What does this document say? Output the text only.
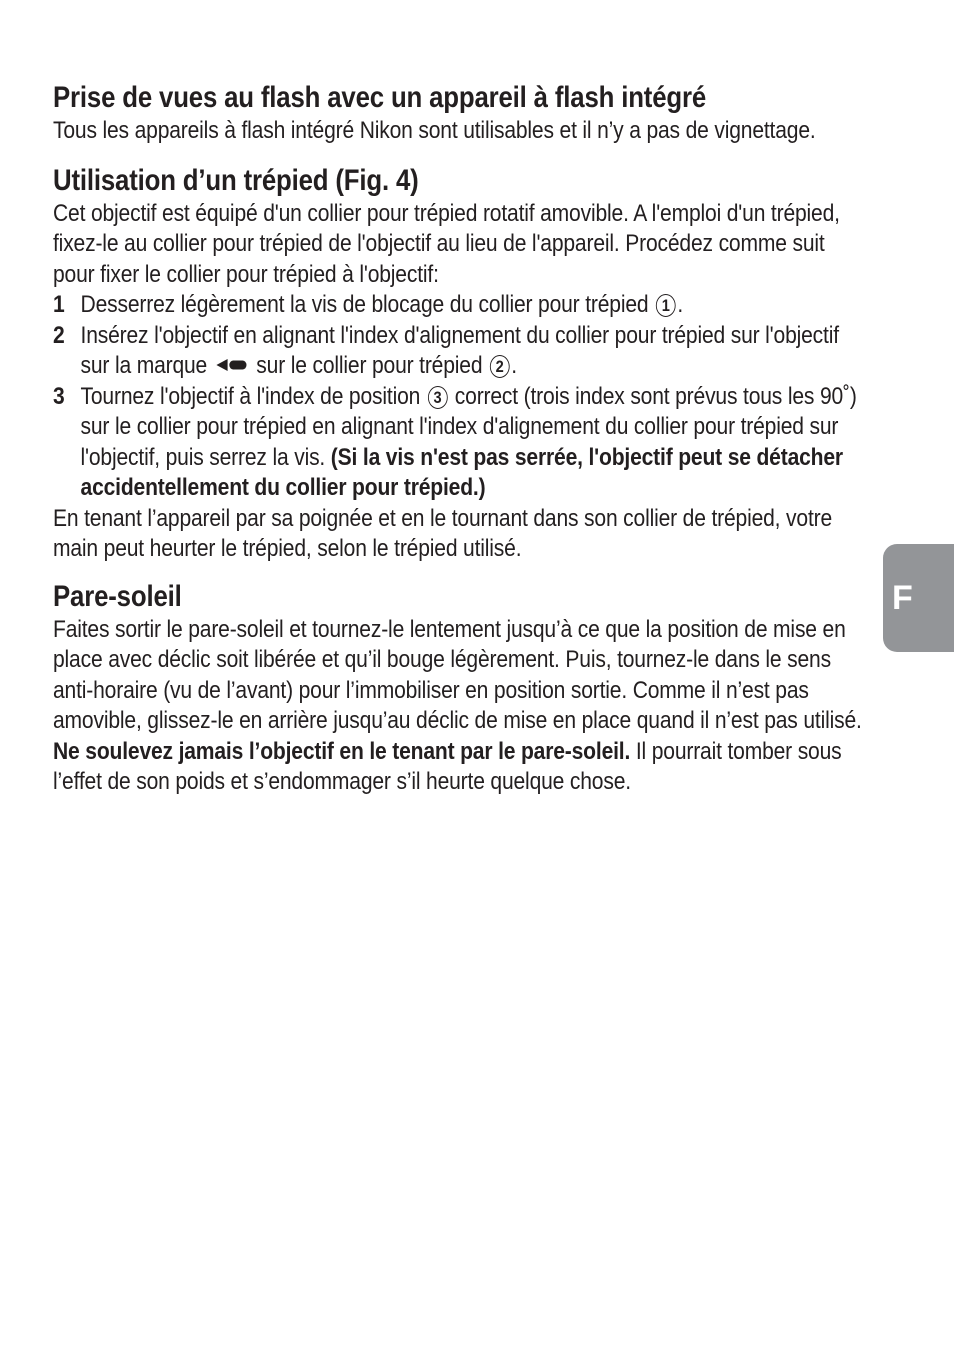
Prise de vues au flash avec un appareil à flash intégré

Tous les appareils à flash intégré Nikon sont utilisables et il n’y a pas de vignettage.

Utilisation d’un trépied (Fig. 4)

Cet objectif est équipé d'un collier pour trépied rotatif amovible. A l'emploi d'un trépied, fixez-le au collier pour trépied de l'objectif au lieu de l'appareil. Procédez comme suit pour fixer le collier pour trépied à l'objectif:

1 Desserrez légèrement la vis de blocage du collier pour trépied 1 .
2 Insérez l'objectif en alignant l'index d'alignement du collier pour trépied sur l'objectif sur la marque sur le collier pour trépied 2 .
3 Tournez l'objectif à l'index de position 3 correct (trois index sont prévus tous les 90˚) sur le collier pour trépied en alignant l'index d'alignement du collier pour trépied sur l'objectif, puis serrez la vis. (Si la vis n'est pas serrée, l'objectif peut se détacher accidentellement du collier pour trépied.)

En tenant l’appareil par sa poignée et en le tournant dans son collier de trépied, votre main peut heurter le trépied, selon le trépied utilisé.

Pare-soleil

Faites sortir le pare-soleil et tournez-le lentement jusqu’à ce que la position de mise en place avec déclic soit libérée et qu’il bouge légèrement. Puis, tournez-le dans le sens anti-horaire (vu de l’avant) pour l’immobiliser en position sortie. Comme il n’est pas amovible, glissez-le en arrière jusqu’au déclic de mise en place quand il n’est pas utilisé. Ne soulevez jamais l’objectif en le tenant par le pare-soleil. Il pourrait tomber sous l’effet de son poids et s’endommager s’il heurte quelque chose.

F
